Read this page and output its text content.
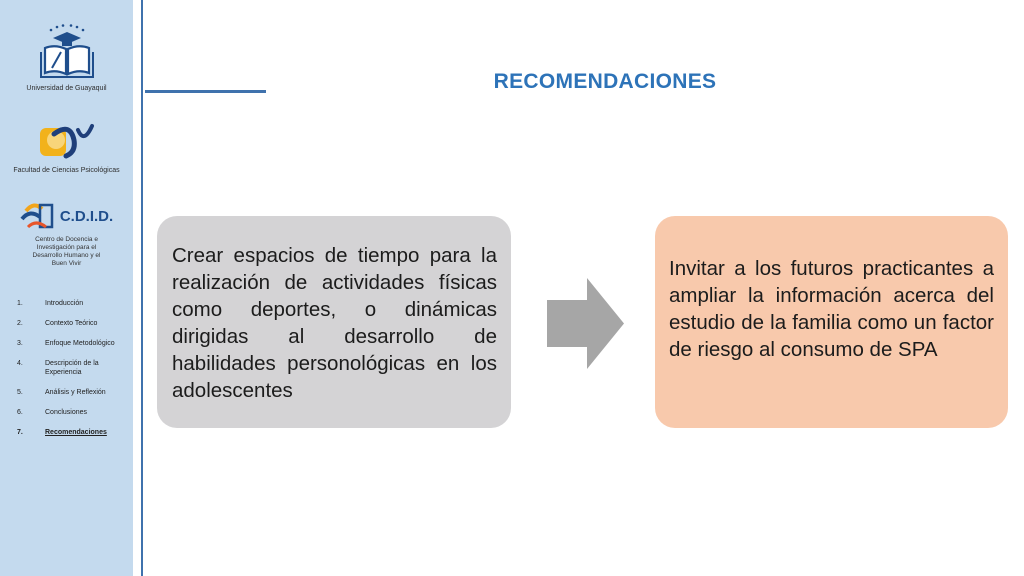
Universidad de Guayaquil
Facultad de Ciencias Psicológicas
C.D.I.D.
Centro de Docencia e Investigación para el Desarrollo Humano y el Buen Vivir
1.	Introducción
2.	Contexto Teórico
3.	Enfoque Metodológico
4.	Descripción de la Experiencia
5.	Análisis y Reflexión
6.	Conclusiones
7.	Recomendaciones
RECOMENDACIONES
Crear espacios de tiempo para la realización de actividades físicas como deportes, o dinámicas dirigidas al desarrollo de habilidades personológicas en los adolescentes
Invitar a los futuros practicantes a ampliar la información acerca del estudio de la familia como un factor de riesgo al consumo de SPA
